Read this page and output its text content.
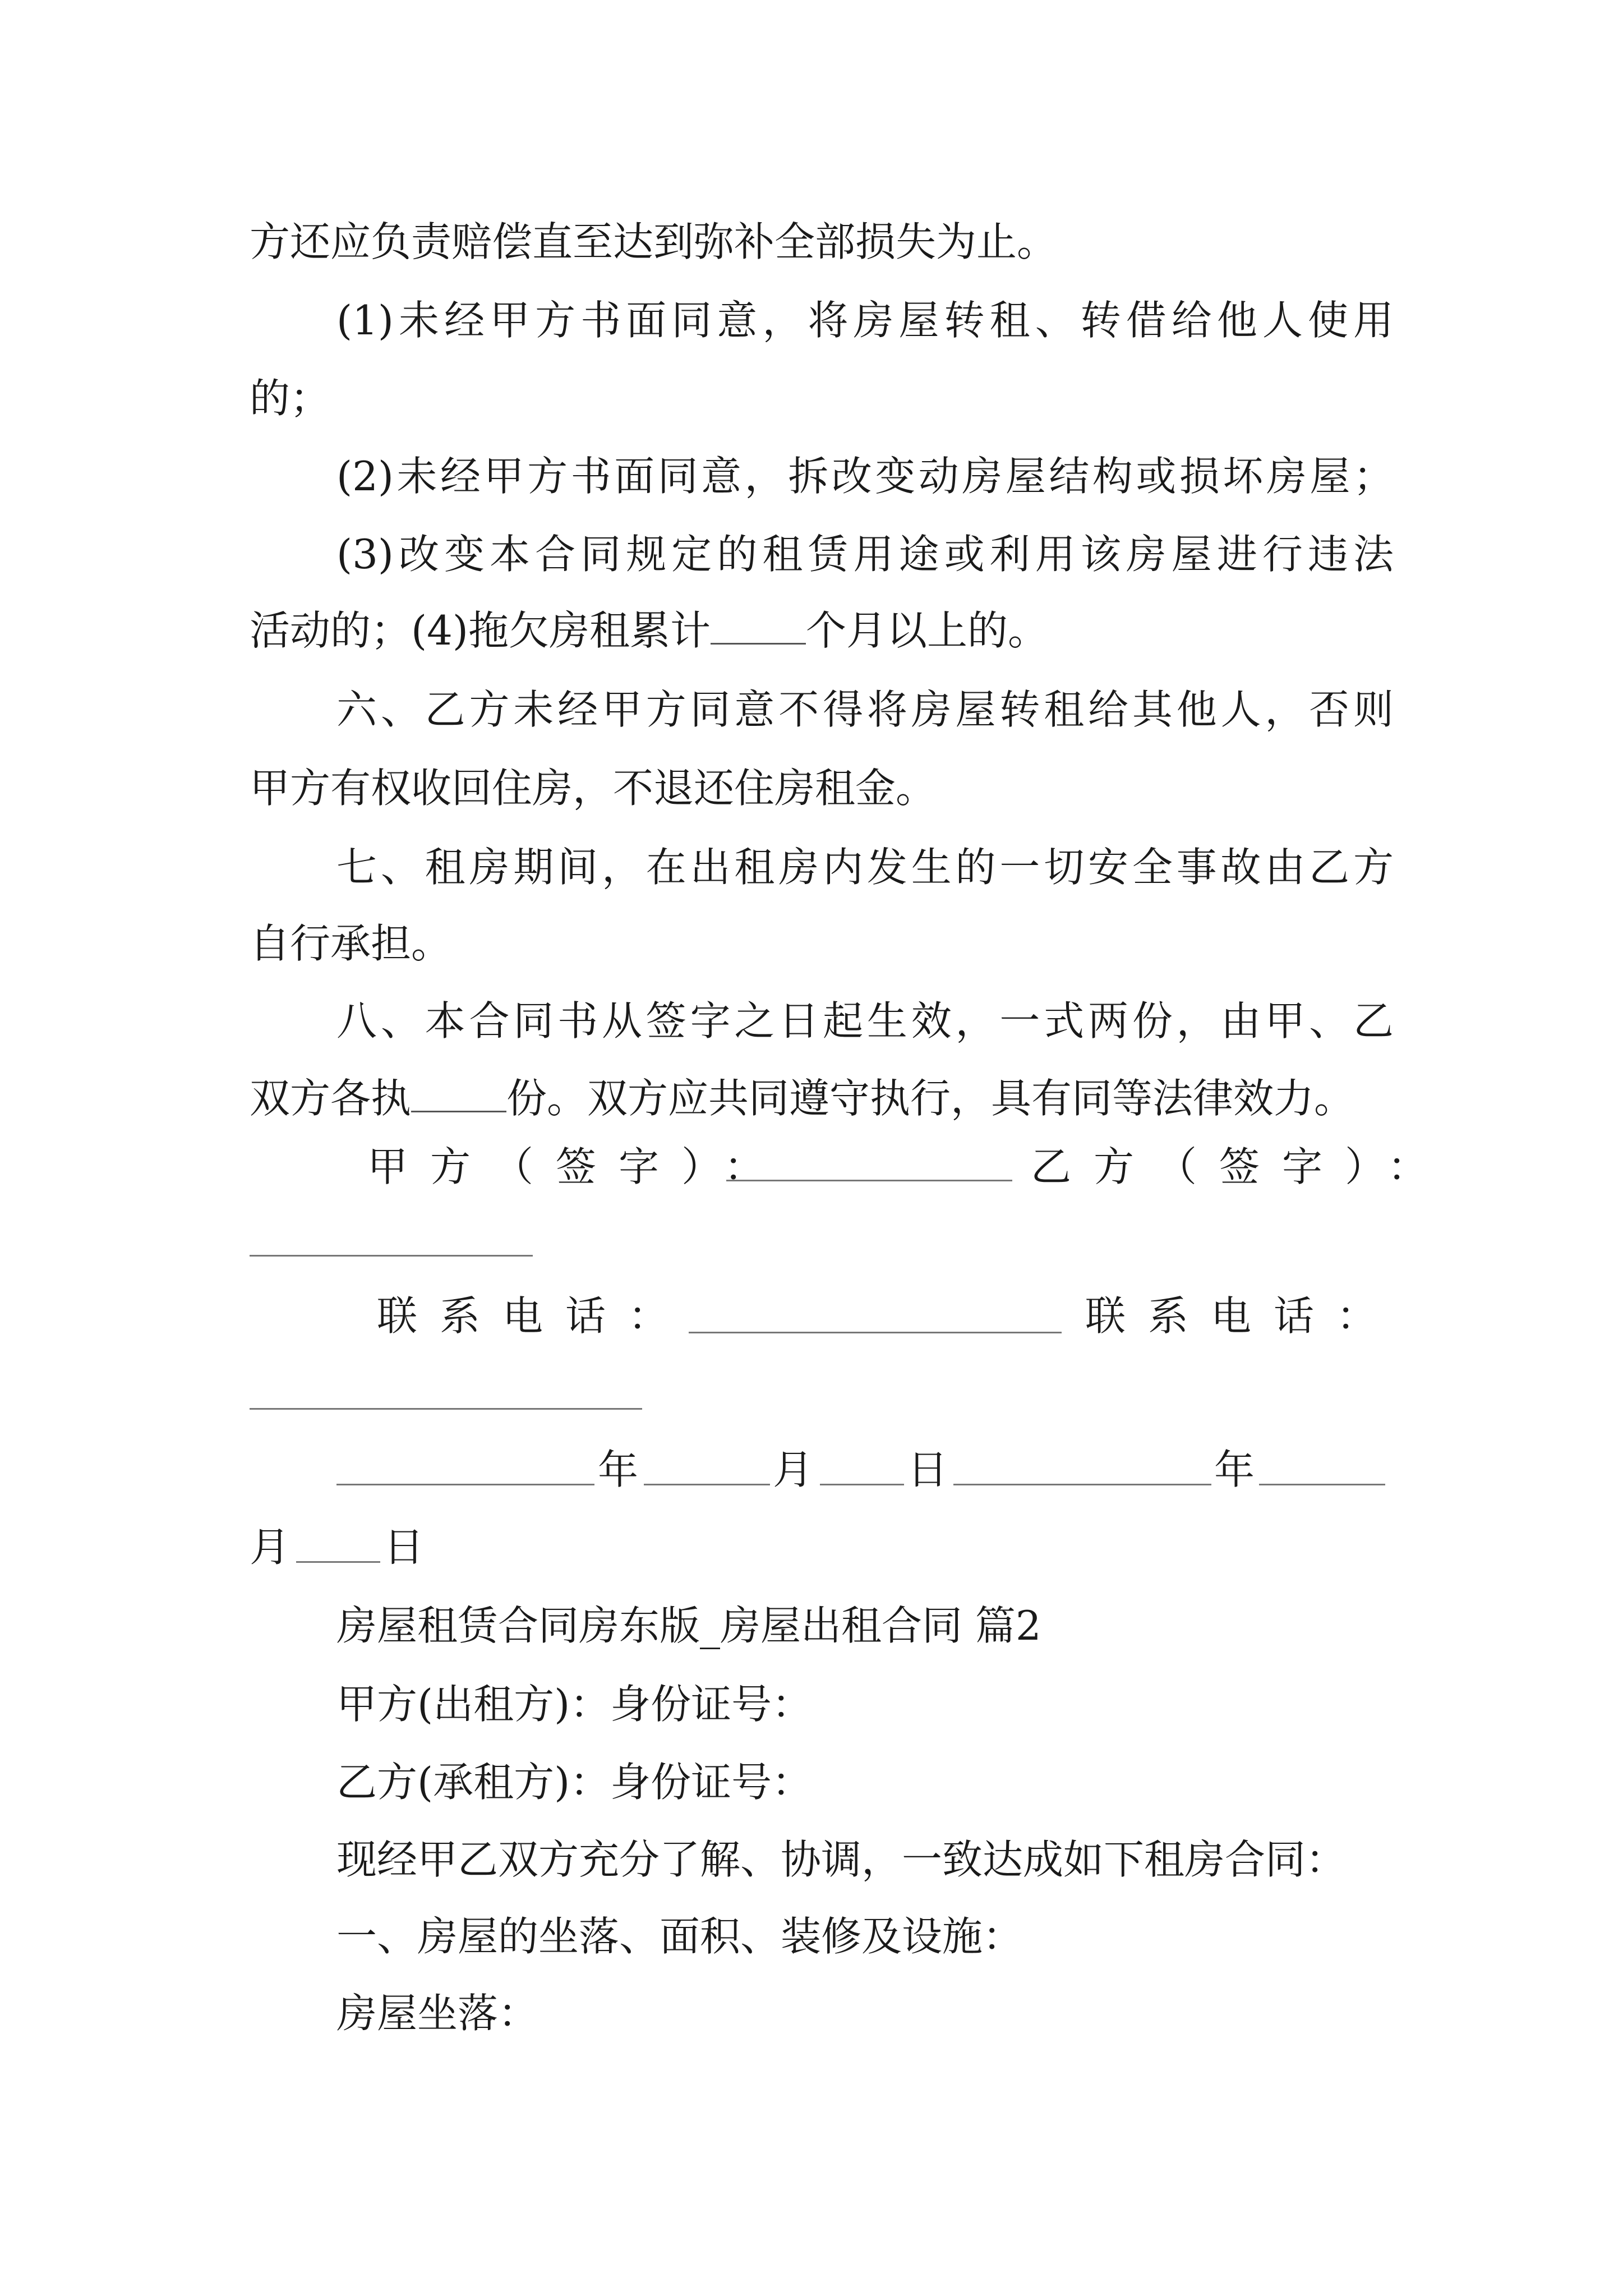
方还应负责赔偿直至达到弥补全部损失为止。
(1)未经甲方书面同意，将房屋转租、转借给他人使用
的；
(2)未经甲方书面同意，拆改变动房屋结构或损坏房屋；
(3)改变本合同规定的租赁用途或利用该房屋进行违法
活动的；(4)拖欠房租累计 个月以上的。
六、乙方未经甲方同意不得将房屋转租给其他人，否则
甲方有权收回住房，不退还住房租金。
七、租房期间，在出租房内发生的一切安全事故由乙方
自行承担。
八、本合同书从签字之日起生效，一式两份，由甲、乙
双方各执 份。双方应共同遵守执行，具有同等法律效力。
甲方（签字）：	乙方（签字）：
联系电话：	联系电话：
年	月 日	年
月 日
房屋租赁合同房东版_房屋出租合同 篇2
甲方(出租方)：身份证号：
乙方(承租方)：身份证号：
现经甲乙双方充分了解、协调，一致达成如下租房合同：
一、房屋的坐落、面积、装修及设施：
房屋坐落：
